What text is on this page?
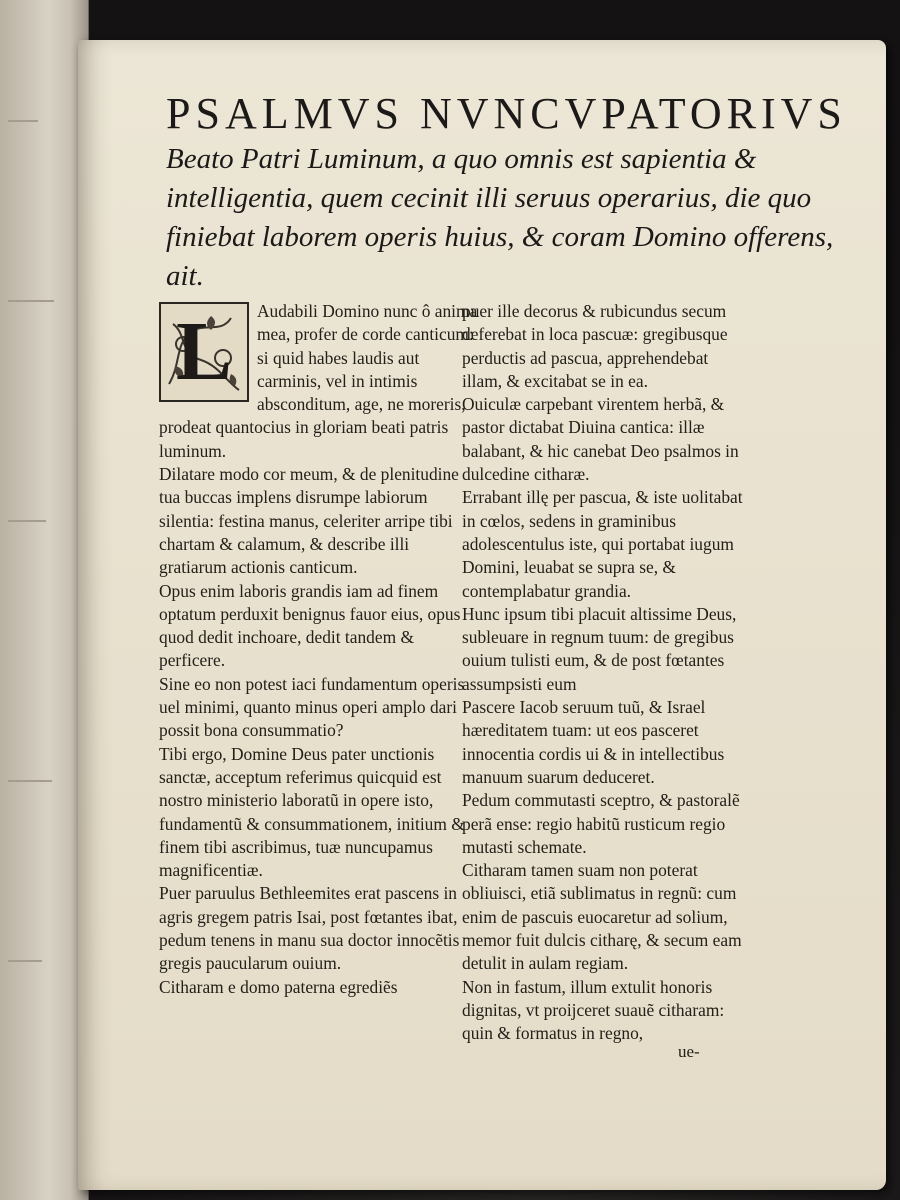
PSALMVS NVNCVPATORIVS

Beato Patri Luminum, a quo omnis est sapientia & intelligentia, quem cecinit illi seruus operarius, die quo finiebat laborem operis huius, & coram Domino offerens, ait.

L	Audabili Domino nunc ô anima mea, profer de corde canticum: si quid habes laudis aut carminis, vel in intimis absconditum, age, ne moreris, prodeat quantocius in gloriam beati patris luminum.

Dilatare modo cor meum, & de plenitudine tua buccas implens disrumpe labiorum silentia: festina manus, celeriter arripe tibi chartam & calamum, & describe illi gratiarum actionis canticum.

Opus enim laboris grandis iam ad finem optatum perduxit benignus fauor eius, opus quod dedit inchoare, dedit tandem & perficere.

Sine eo non potest iaci fundamentum operis uel minimi, quanto minus operi amplo dari possit bona consummatio?

Tibi ergo, Domine Deus pater unctionis sanctæ, acceptum referimus quicquid est nostro ministerio laboratũ in opere isto, fundamentũ & consummationem, initium & finem tibi ascribimus, tuæ nuncupamus magnificentiæ.

Puer paruulus Bethleemites erat pascens in agris gregem patris Isai, post fœtantes ibat, pedum tenens in manu sua doctor innocẽtis gregis paucularum ouium.

Citharam e domo paterna egrediẽs

puer ille decorus & rubicundus secum deferebat in loca pascuæ: gregibusque perductis ad pascua, apprehendebat illam, & excitabat se in ea.

Ouiculæ carpebant virentem herbã, & pastor dictabat Diuina cantica: illæ balabant, & hic canebat Deo psalmos in dulcedine citharæ.

Errabant illę per pascua, & iste uolitabat in cœlos, sedens in graminibus adolescentulus iste, qui portabat iugum Domini, leuabat se supra se, & contemplabatur grandia.

Hunc ipsum tibi placuit altissime Deus, subleuare in regnum tuum: de gregibus ouium tulisti eum, & de post fœtantes assumpsisti eum

Pascere Iacob seruum tuũ, & Israel hæreditatem tuam: ut eos pasceret innocentia cordis ui & in intellectibus manuum suarum deduceret.

Pedum commutasti sceptro, & pastoralẽ perã ense: regio habitũ rusticum regio mutasti schemate.

Citharam tamen suam non poterat obliuisci, etiã sublimatus in regnũ: cum enim de pascuis euocaretur ad solium, memor fuit dulcis citharę, & secum eam detulit in aulam regiam.

Non in fastum, illum extulit honoris dignitas, vt proijceret suauẽ citharam: quin & formatus in regno,

ue-
